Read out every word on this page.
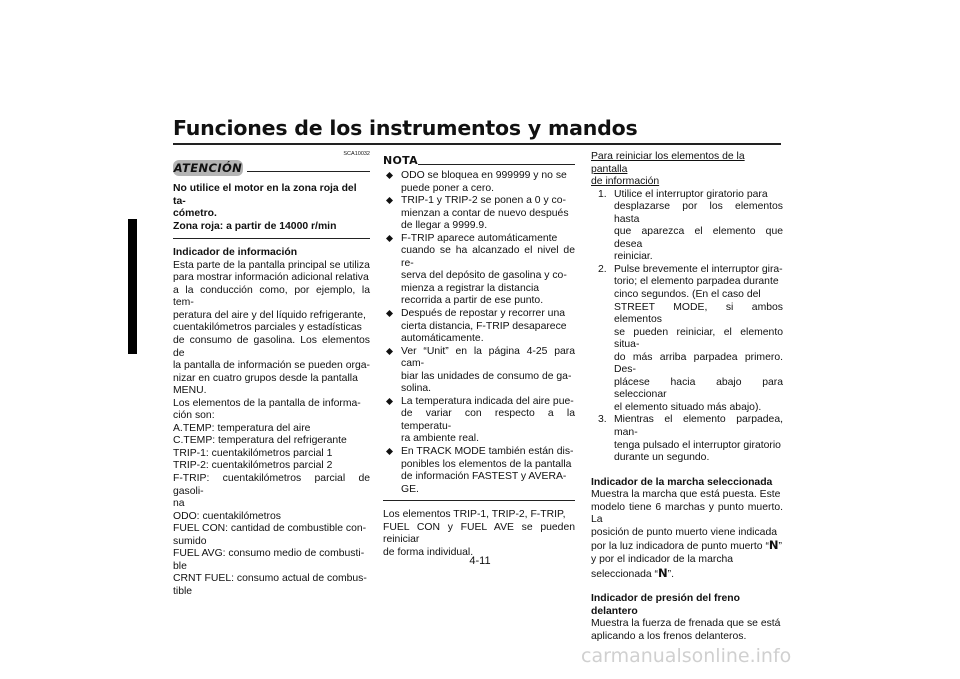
Funciones de los instrumentos y mandos
4
SCA10032
ATENCIÓN

No utilice el motor en la zona roja del ta-

cómetro.

Zona roja: a partir de 14000 r/min

Indicador de información

Esta parte de la pantalla principal se utiliza

para mostrar información adicional relativa

a la conducción como, por ejemplo, la tem-

peratura del aire y del líquido refrigerante,

cuentakilómetros parciales y estadísticas

de consumo de gasolina. Los elementos de

la pantalla de información se pueden orga-

nizar en cuatro grupos desde la pantalla

MENU.

Los elementos de la pantalla de informa-

ción son:

A.TEMP: temperatura del aire

C.TEMP: temperatura del refrigerante

TRIP-1: cuentakilómetros parcial 1

TRIP-2: cuentakilómetros parcial 2

F-TRIP: cuentakilómetros parcial de gasoli-

na

ODO: cuentakilómetros

FUEL CON: cantidad de combustible con-

sumido

FUEL AVG: consumo medio de combusti-

ble

CRNT FUEL: consumo actual de combus-

tible

NOTA

ODO se bloquea en 999999 y no se

puede poner a cero.

TRIP-1 y TRIP-2 se ponen a 0 y co-

mienzan a contar de nuevo después

de llegar a 9999.9.

F-TRIP aparece automáticamente

cuando se ha alcanzado el nivel de re-

serva del depósito de gasolina y co-

mienza a registrar la distancia

recorrida a partir de ese punto.

Después de repostar y recorrer una

cierta distancia, F-TRIP desaparece

automáticamente.

Ver “Unit” en la página 4-25 para cam-

biar las unidades de consumo de ga-

solina.

La temperatura indicada del aire pue-

de variar con respecto a la temperatu-

ra ambiente real.

En TRACK MODE también están dis-

ponibles los elementos de la pantalla

de información FASTEST y AVERA-

GE.

Los elementos TRIP-1, TRIP-2, F-TRIP,

FUEL CON y FUEL AVE se pueden reiniciar

de forma individual.

Para reiniciar los elementos de la pantalla

de información

1. Utilice el interruptor giratorio para

desplazarse por los elementos hasta

que aparezca el elemento que desea

reiniciar.

2. Pulse brevemente el interruptor gira-

torio; el elemento parpadea durante

cinco segundos. (En el caso del

STREET MODE, si ambos elementos

se pueden reiniciar, el elemento situa-

do más arriba parpadea primero. Des-

plácese hacia abajo para seleccionar

el elemento situado más abajo).

3. Mientras el elemento parpadea, man-

tenga pulsado el interruptor giratorio

durante un segundo.

Indicador de la marcha seleccionada

Muestra la marcha que está puesta. Este

modelo tiene 6 marchas y punto muerto. La

posición de punto muerto viene indicada

por la luz indicadora de punto muerto “N”

y por el indicador de la marcha

seleccionada “N”.

Indicador de presión del freno delantero

Muestra la fuerza de frenada que se está

aplicando a los frenos delanteros.

4-11
carmanualsonline.info
